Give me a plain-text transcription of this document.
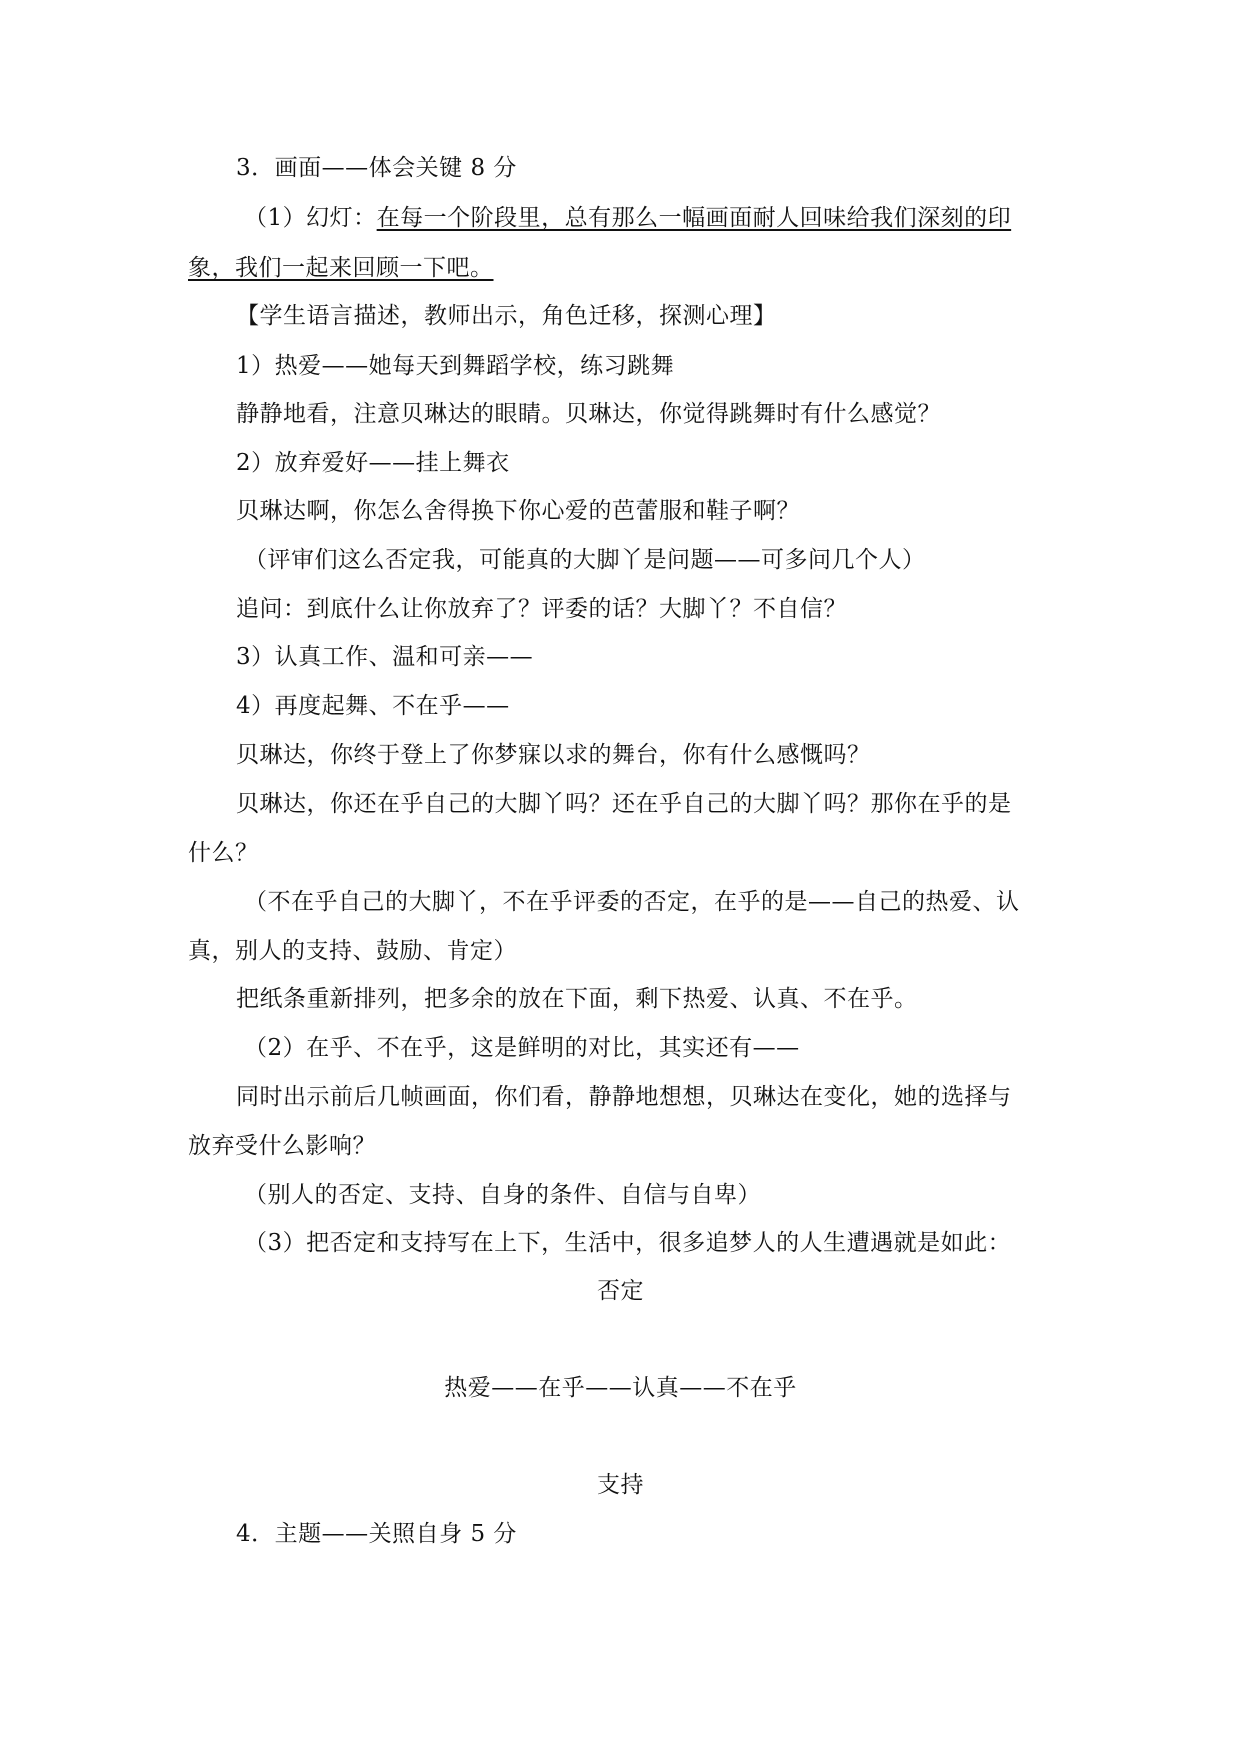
3．画面——体会关键 8 分
（1）幻灯：在每一个阶段里，总有那么一幅画面耐人回味给我们深刻的印
象，我们一起来回顾一下吧。
【学生语言描述，教师出示，角色迁移，探测心理】
1）热爱——她每天到舞蹈学校，练习跳舞
静静地看，注意贝琳达的眼睛。贝琳达，你觉得跳舞时有什么感觉？
2）放弃爱好——挂上舞衣
贝琳达啊，你怎么舍得换下你心爱的芭蕾服和鞋子啊？
（评审们这么否定我，可能真的大脚丫是问题——可多问几个人）
追问：到底什么让你放弃了？评委的话？大脚丫？不自信？
3）认真工作、温和可亲——
4）再度起舞、不在乎——
贝琳达，你终于登上了你梦寐以求的舞台，你有什么感慨吗？
贝琳达，你还在乎自己的大脚丫吗？还在乎自己的大脚丫吗？那你在乎的是
什么？
（不在乎自己的大脚丫，不在乎评委的否定，在乎的是——自己的热爱、认
真，别人的支持、鼓励、肯定）
把纸条重新排列，把多余的放在下面，剩下热爱、认真、不在乎。
（2）在乎、不在乎，这是鲜明的对比，其实还有——
同时出示前后几帧画面，你们看，静静地想想，贝琳达在变化，她的选择与
放弃受什么影响？
（别人的否定、支持、自身的条件、自信与自卑）
（3）把否定和支持写在上下，生活中，很多追梦人的人生遭遇就是如此：
否定
热爱——在乎——认真——不在乎
支持
4．主题——关照自身 5 分
